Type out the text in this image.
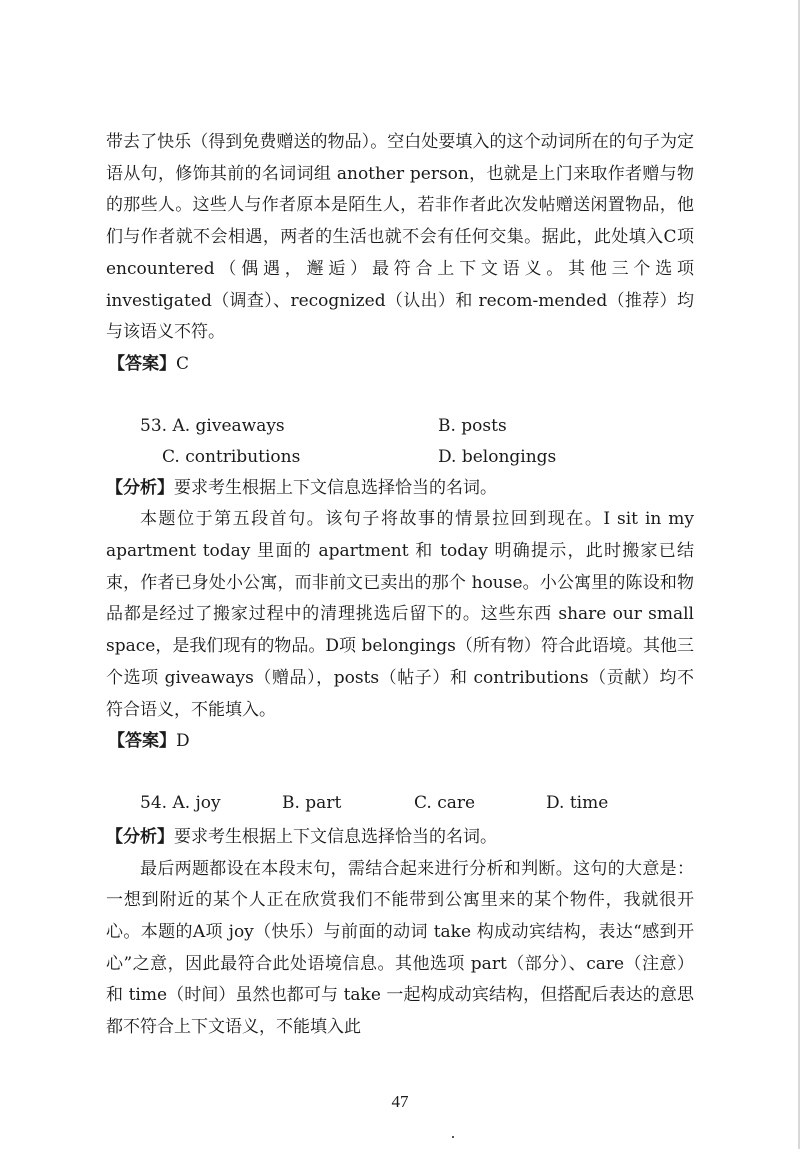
带去了快乐（得到免费赠送的物品）。空白处要填入的这个动词所在的句子为定语从句，修饰其前的名词词组 another person，也就是上门来取作者赠与物的那些人。这些人与作者原本是陌生人，若非作者此次发帖赠送闲置物品，他们与作者就不会相遇，两者的生活也就不会有任何交集。据此，此处填入C项 encountered（偶遇，邂逅）最符合上下文语义。其他三个选项 investigated（调查）、recognized（认出）和 recom-mended（推荐）均与该语义不符。

【答案】C

53. A. giveaways	B. posts
C. contributions	D. belongings

【分析】要求考生根据上下文信息选择恰当的名词。

本题位于第五段首句。该句子将故事的情景拉回到现在。I sit in my apartment today 里面的 apartment 和 today 明确提示，此时搬家已结束，作者已身处小公寓，而非前文已卖出的那个 house。小公寓里的陈设和物品都是经过了搬家过程中的清理挑选后留下的。这些东西 share our small space，是我们现有的物品。D项 belongings（所有物）符合此语境。其他三个选项 giveaways（赠品），posts（帖子）和 contributions（贡献）均不符合语义，不能填入。

【答案】D

54. A. joy	B. part	C. care	D. time

【分析】要求考生根据上下文信息选择恰当的名词。

最后两题都设在本段末句，需结合起来进行分析和判断。这句的大意是：一想到附近的某个人正在欣赏我们不能带到公寓里来的某个物件，我就很开心。本题的A项 joy（快乐）与前面的动词 take 构成动宾结构，表达“感到开心”之意，因此最符合此处语境信息。其他选项 part（部分）、care（注意）和 time（时间）虽然也都可与 take 一起构成动宾结构，但搭配后表达的意思都不符合上下文语义，不能填入此

47
